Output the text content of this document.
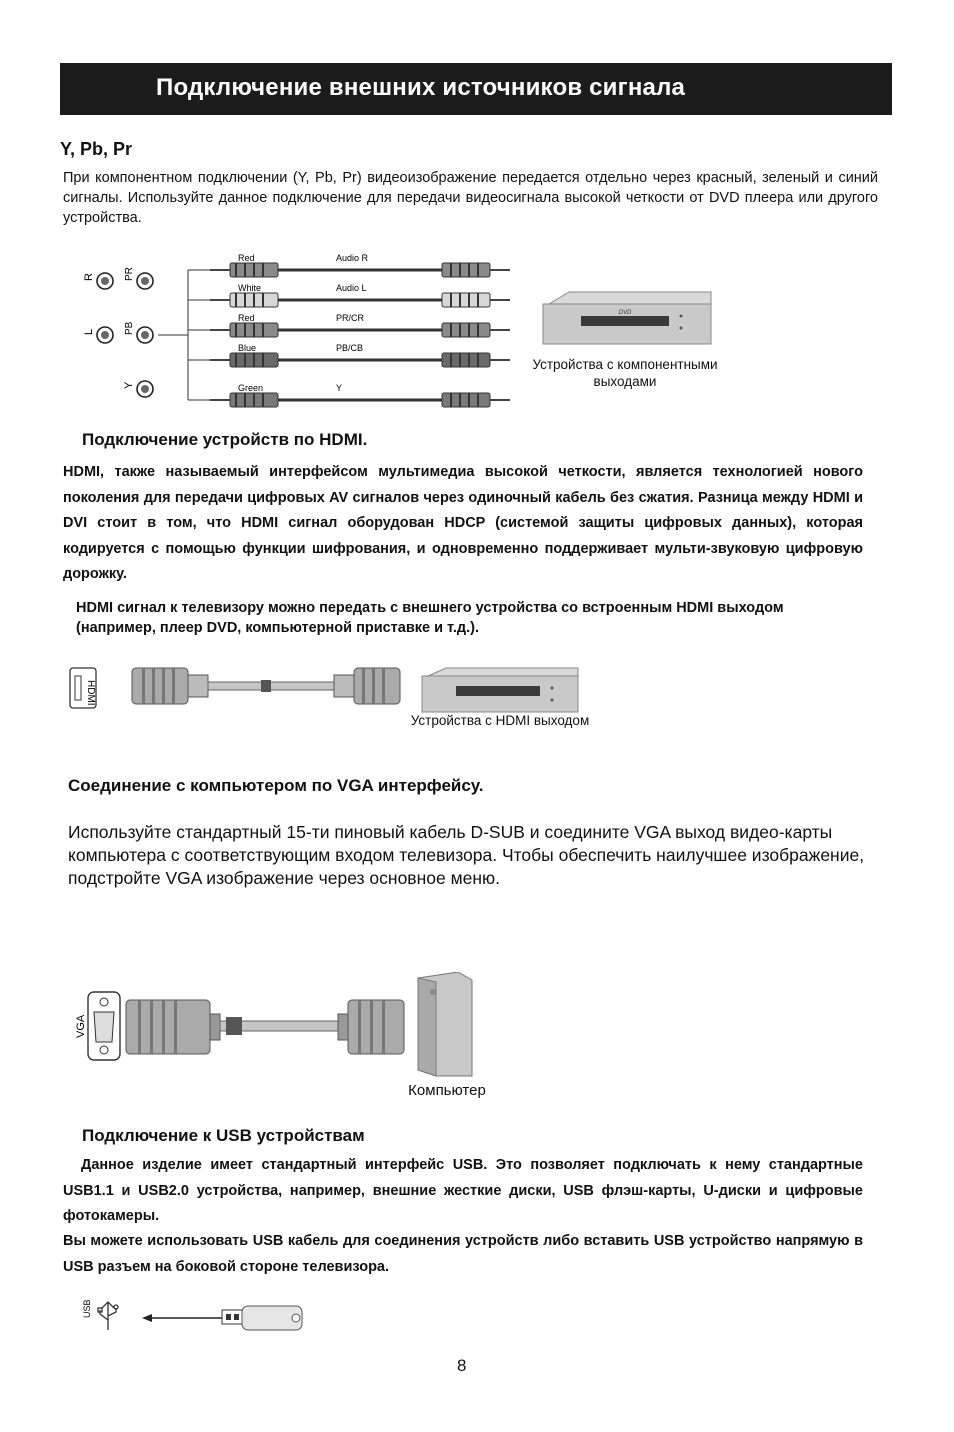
Подключение внешних источников сигнала
Y, Pb, Pr
При компонентном подключении (Y, Pb, Pr) видеоизображение передается отдельно через красный, зеленый и синий сигналы. Используйте данное подключение для передачи видеосигнала высокой четкости от DVD плеера или другого устройства.
R	PR
L	PB
Y
Red	Audio R
White	Audio L
Red	PR/CR
Blue	PB/CB
Green	Y
DVD
Устройства с компонентными
выходами
Подключение устройств по HDMI.
HDMI, также называемый интерфейсом мультимедиа высокой четкости, является технологией нового поколения для передачи цифровых AV сигналов через одиночный кабель без сжатия. Разница между HDMI и DVI стоит в том, что HDMI сигнал оборудован HDCP (системой защиты цифровых данных), которая кодируется с помощью функции шифрования, и одновременно поддерживает мульти-звуковую цифровую дорожку.
HDMI сигнал к телевизору можно передать с внешнего устройства со встроенным HDMI выходом (например, плеер DVD, компьютерной приставке и т.д.).
HDMI
Устройства с HDMI выходом
Соединение с компьютером по VGA интерфейсу.
Используйте стандартный 15-ти пиновый кабель D-SUB и соедините VGA выход видео-карты компьютера с соответствующим входом телевизора. Чтобы обеспечить наилучшее изображение, подстройте VGA изображение через основное меню.
VGA
Компьютер
Подключение к USB устройствам
Данное изделие имеет стандартный интерфейс USB. Это позволяет подключать к нему стандартные USB1.1 и USB2.0 устройства, например, внешние жесткие диски, USB флэш-карты, U-диски и цифровые фотокамеры.
Вы можете использовать USB кабель для соединения устройств либо вставить USB устройство напрямую в USB разъем на боковой стороне телевизора.
USB
8
